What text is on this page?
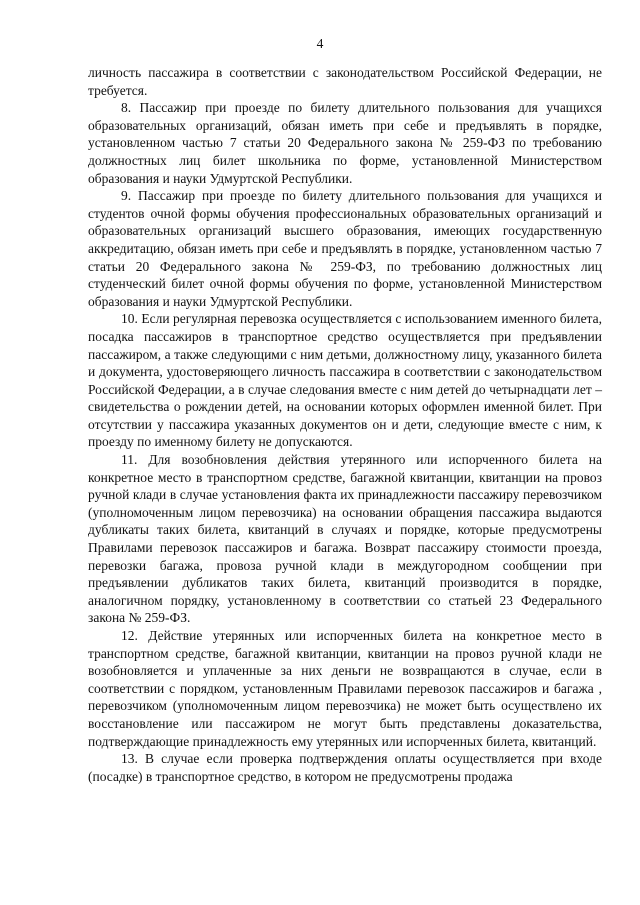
4

личность пассажира в соответствии с законодательством Российской Федерации, не требуется.

8. Пассажир при проезде по билету длительного пользования для учащихся образовательных организаций, обязан иметь при себе и предъявлять в порядке, установленном частью 7 статьи 20 Федерального закона № 259-ФЗ по требованию должностных лиц билет школьника по форме, установленной Министерством образования и науки Удмуртской Республики.

9. Пассажир при проезде по билету длительного пользования для учащихся и студентов очной формы обучения профессиональных образовательных организаций и образовательных организаций высшего образования, имеющих государственную аккредитацию, обязан иметь при себе и предъявлять в порядке, установленном частью 7 статьи 20 Федерального закона № 259-ФЗ, по требованию должностных лиц студенческий билет очной формы обучения по форме, установленной Министерством образования и науки Удмуртской Республики.

10. Если регулярная перевозка осуществляется с использованием именного билета, посадка пассажиров в транспортное средство осуществляется при предъявлении пассажиром, а также следующими с ним детьми, должностному лицу, указанного билета и документа, удостоверяющего личность пассажира в соответствии с законодательством Российской Федерации, а в случае следования вместе с ним детей до четырнадцати лет – свидетельства о рождении детей, на основании которых оформлен именной билет. При отсутствии у пассажира указанных документов он и дети, следующие вместе с ним, к проезду по именному билету не допускаются.

11. Для возобновления действия утерянного или испорченного билета на конкретное место в транспортном средстве, багажной квитанции, квитанции на провоз ручной клади в случае установления факта их принадлежности пассажиру перевозчиком (уполномоченным лицом перевозчика) на основании обращения пассажира выдаются дубликаты таких билета, квитанций в случаях и порядке, которые предусмотрены Правилами перевозок пассажиров и багажа. Возврат пассажиру стоимости проезда, перевозки багажа, провоза ручной клади в междугородном сообщении при предъявлении дубликатов таких билета, квитанций производится в порядке, аналогичном порядку, установленному в соответствии со статьей 23 Федерального закона № 259-ФЗ.

12. Действие утерянных или испорченных билета на конкретное место в транспортном средстве, багажной квитанции, квитанции на провоз ручной клади не возобновляется и уплаченные за них деньги не возвращаются в случае, если в соответствии с порядком, установленным Правилами перевозок пассажиров и багажа , перевозчиком (уполномоченным лицом перевозчика) не может быть осуществлено их восстановление или пассажиром не могут быть представлены доказательства, подтверждающие принадлежность ему утерянных или испорченных билета, квитанций.

13. В случае если проверка подтверждения оплаты осуществляется при входе (посадке) в транспортное средство, в котором не предусмотрены продажа
